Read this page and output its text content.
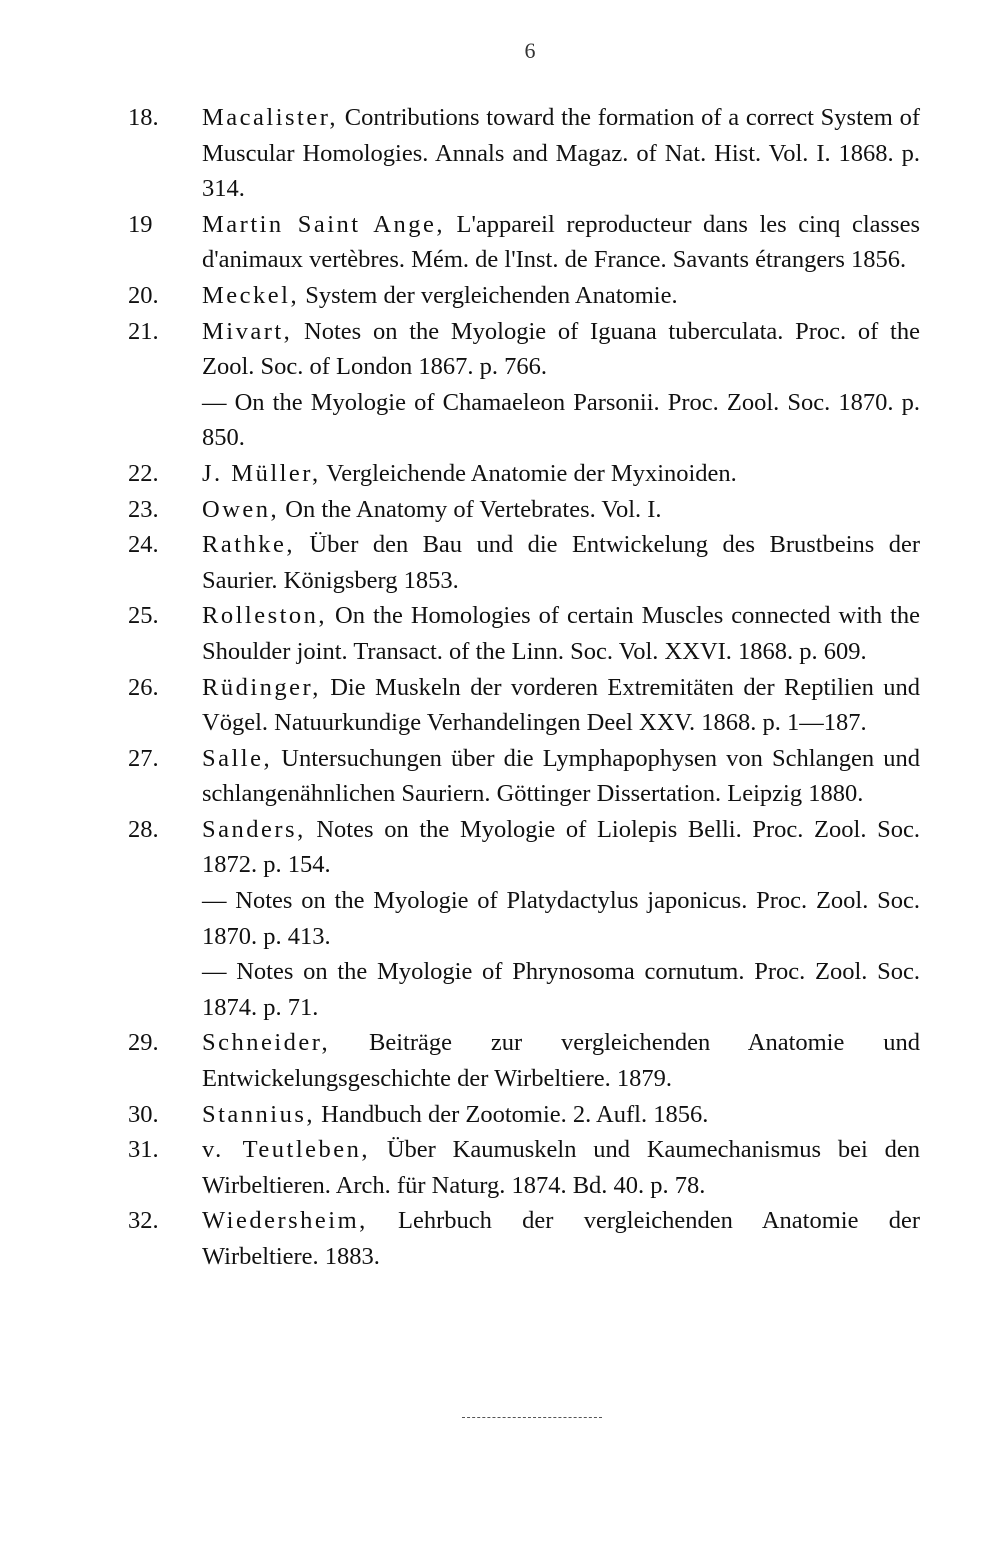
6
18.	Macalister, Contributions toward the formation of a correct System of Muscular Homologies. Annals and Magaz. of Nat. Hist. Vol. I. 1868. p. 314.
19	Martin Saint Ange, L'appareil reproducteur dans les cinq classes d'animaux vertèbres. Mém. de l'Inst. de France. Savants étrangers 1856.
20.	Meckel, System der vergleichenden Anatomie.
21.	Mivart, Notes on the Myologie of Iguana tuberculata. Proc. of the Zool. Soc. of London 1867. p. 766.
— On the Myologie of Chamaeleon Parsonii. Proc. Zool. Soc. 1870. p. 850.
22.	J. Müller, Vergleichende Anatomie der Myxinoiden.
23.	Owen, On the Anatomy of Vertebrates. Vol. I.
24.	Rathke, Über den Bau und die Entwickelung des Brustbeins der Saurier. Königsberg 1853.
25.	Rolleston, On the Homologies of certain Muscles connected with the Shoulder joint. Transact. of the Linn. Soc. Vol. XXVI. 1868. p. 609.
26.	Rüdinger, Die Muskeln der vorderen Extremitäten der Reptilien und Vögel. Natuurkundige Verhandelingen Deel XXV. 1868. p. 1—187.
27.	Salle, Untersuchungen über die Lymphapophysen von Schlangen und schlangenähnlichen Sauriern. Göttinger Dissertation. Leipzig 1880.
28.	Sanders, Notes on the Myologie of Liolepis Belli. Proc. Zool. Soc. 1872. p. 154.
— Notes on the Myologie of Platydactylus japonicus. Proc. Zool. Soc. 1870. p. 413.
— Notes on the Myologie of Phrynosoma cornutum. Proc. Zool. Soc. 1874. p. 71.
29.	Schneider, Beiträge zur vergleichenden Anatomie und Entwickelungsgeschichte der Wirbeltiere. 1879.
30.	Stannius, Handbuch der Zootomie. 2. Aufl. 1856.
31.	v. Teutleben, Über Kaumuskeln und Kaumechanismus bei den Wirbeltieren. Arch. für Naturg. 1874. Bd. 40. p. 78.
32.	Wiedersheim, Lehrbuch der vergleichenden Anatomie der Wirbeltiere. 1883.
